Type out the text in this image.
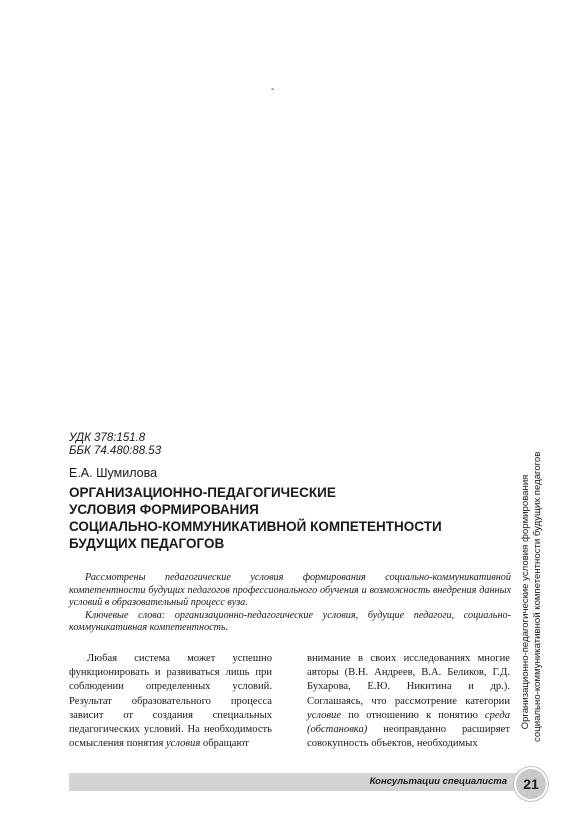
-
УДК 378:151.8
ББК 74.480:88.53
Е.А. Шумилова
ОРГАНИЗАЦИОННО-ПЕДАГОГИЧЕСКИЕ
УСЛОВИЯ ФОРМИРОВАНИЯ
СОЦИАЛЬНО-КОММУНИКАТИВНОЙ КОМПЕТЕНТНОСТИ
БУДУЩИХ ПЕДАГОГОВ

Рассмотрены педагогические условия формирования социально-коммуникативной компетентности будущих педагогов профессионального обучения и возможность внедрения данных условий в образовательный процесс вуза.

Ключевые слова: организационно-педагогические условия, будущие педагоги, социально-коммуникативная компетентность.

Любая система может успешно функционировать и развиваться лишь при соблюдении определенных условий. Результат образовательного процесса зависит от создания специальных педагогических условий. На необходимость осмысления понятия условия обращают

внимание в своих исследованиях многие авторы (В.Н. Андреев, В.А. Беликов, Г.Д. Бухарова, Е.Ю. Никитина и др.). Соглашаясь, что рассмотрение категории условие по отношению к понятию среда (обстановка) неоправданно расширяет совокупность объектов, необходимых

Организационно-педагогические условия формирования социально-коммуникативной компетентности будущих педагогов
Консультации специалиста	21
